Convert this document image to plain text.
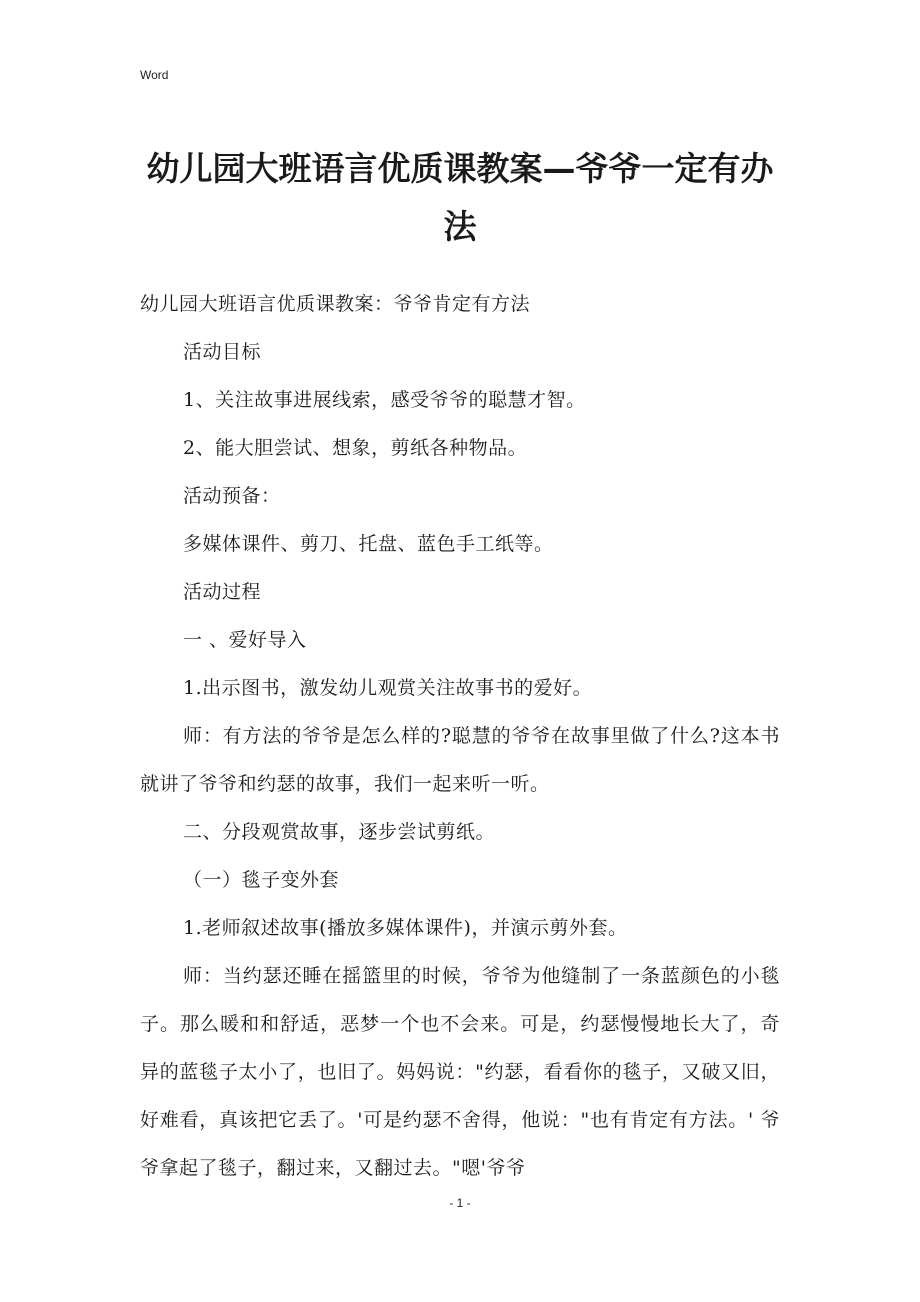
Word
幼儿园大班语言优质课教案—爷爷一定有办法

幼儿园大班语言优质课教案：爷爷肯定有方法

活动目标

1、关注故事进展线索，感受爷爷的聪慧才智。

2、能大胆尝试、想象，剪纸各种物品。

活动预备：

多媒体课件、剪刀、托盘、蓝色手工纸等。

活动过程

一 、爱好导入

1.出示图书，激发幼儿观赏关注故事书的爱好。

师：有方法的爷爷是怎么样的?聪慧的爷爷在故事里做了什么?这本书就讲了爷爷和约瑟的故事，我们一起来听一听。

二、分段观赏故事，逐步尝试剪纸。

（一）毯子变外套

1.老师叙述故事(播放多媒体课件)，并演示剪外套。

师：当约瑟还睡在摇篮里的时候，爷爷为他缝制了一条蓝颜色的小毯子。那么暖和和舒适，恶梦一个也不会来。可是，约瑟慢慢地长大了，奇异的蓝毯子太小了，也旧了。妈妈说："约瑟，看看你的毯子，又破又旧，好难看，真该把它丢了。'可是约瑟不舍得，他说："也有肯定有方法。' 爷爷拿起了毯子，翻过来，又翻过去。"嗯'爷爷

- 1 -
